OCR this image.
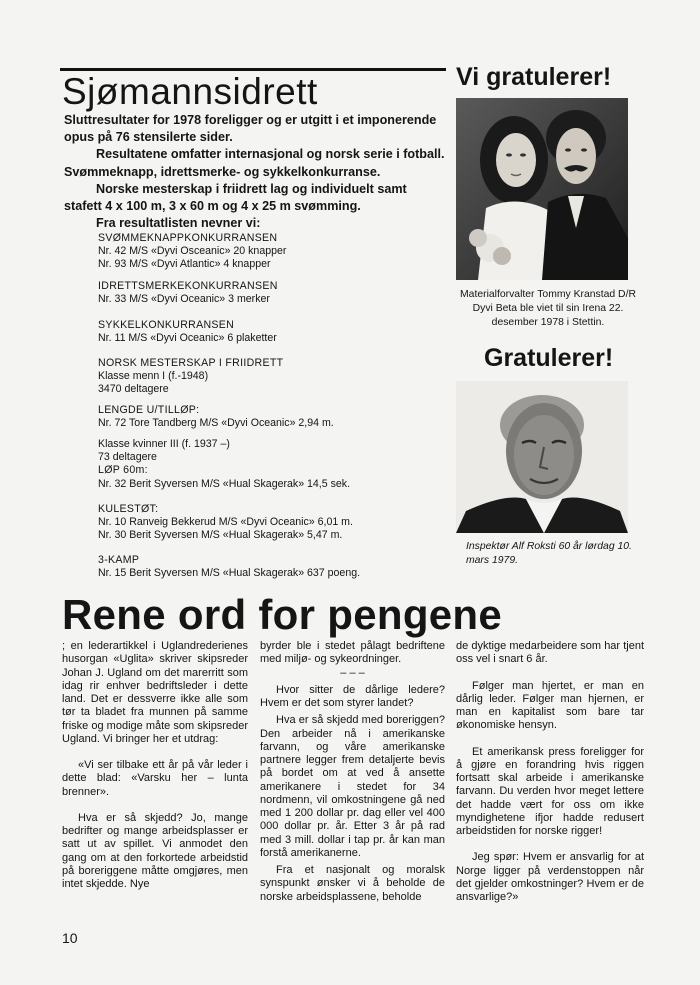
Sjømannsidrett

Sluttresultater for 1978 foreligger og er utgitt i et imponerende opus på 76 stensilerte sider.

Resultatene omfatter internasjonal og norsk serie i fotball. Svømmeknapp, idrettsmerke- og sykkelkonkurranse.

Norske mesterskap i friidrett lag og individuelt samt stafett 4 x 100 m, 3 x 60 m og 4 x 25 m svømming.

Fra resultatlisten nevner vi:

SVØMMEKNAPPKONKURRANSEN
Nr. 42 M/S «Dyvi Osceanic» 20 knapper
Nr. 93 M/S «Dyvi Atlantic» 4 knapper
IDRETTSMERKEKONKURRANSEN
Nr. 33 M/S «Dyvi Oceanic» 3 merker
SYKKELKONKURRANSEN
Nr. 11 M/S «Dyvi Oceanic» 6 plaketter
NORSK MESTERSKAP I FRIIDRETT
Klasse menn I (f.-1948)
3470 deltagere
LENGDE U/TILLØP:
Nr. 72 Tore Tandberg M/S «Dyvi Oceanic» 2,94 m.
Klasse kvinner III (f. 1937 –)
73 deltagere
LØP 60m:
Nr. 32 Berit Syversen M/S «Hual Skagerak» 14,5 sek.
KULESTØT:
Nr. 10 Ranveig Bekkerud M/S «Dyvi Oceanic» 6,01 m.
Nr. 30 Berit Syversen M/S «Hual Skagerak» 5,47 m.
3-KAMP
Nr. 15 Berit Syversen M/S «Hual Skagerak» 637 poeng.
Vi gratulerer!

Materialforvalter Tommy Kranstad D/R Dyvi Beta ble viet til sin Irena 22. desember 1978 i Stettin.

Gratulerer!

Inspektør Alf Roksti 60 år lørdag 10. mars 1979.

Rene ord for pengene

; en lederartikkel i Uglandrederienes husorgan «Uglita» skriver skipsreder Johan J. Ugland om det marerritt som idag rir enhver bedriftsleder i dette land. Det er dessverre ikke alle som tør ta bladet fra munnen på samme friske og modige måte som skipsreder Ugland. Vi bringer her et utdrag:

«Vi ser tilbake ett år på vår leder i dette blad: «Varsku her – lunta brenner».

Hva er så skjedd? Jo, mange bedrifter og mange arbeidsplasser er satt ut av spillet. Vi anmodet den gang om at den forkortede arbeidstid på boreriggene måtte omgjøres, men intet skjedde. Nye

byrder ble i stedet pålagt bedriftene med miljø- og sykeordninger.

– – –

Hvor sitter de dårlige ledere? Hvem er det som styrer landet?

Hva er så skjedd med boreriggen? Den arbeider nå i amerikanske farvann, og våre amerikanske partnere legger frem detaljerte bevis på bordet om at ved å ansette amerikanere i stedet for 34 nordmenn, vil omkostningene gå ned med 1 200 dollar pr. dag eller vel 400 000 dollar pr. år. Etter 3 år på rad med 3 mill. dollar i tap pr. år kan man forstå amerikanerne.

Fra et nasjonalt og moralsk synspunkt ønsker vi å beholde de norske arbeidsplassene, beholde

de dyktige medarbeidere som har tjent oss vel i snart 6 år.

Følger man hjertet, er man en dårlig leder. Følger man hjernen, er man en kapitalist som bare tar økonomiske hensyn.

Et amerikansk press foreligger for å gjøre en forandring hvis riggen fortsatt skal arbeide i amerikanske farvann. Du verden hvor meget lettere det hadde vært for oss om ikke myndighetene ifjor hadde redusert arbeidstiden for norske rigger!

Jeg spør: Hvem er ansvarlig for at Norge ligger på verdenstoppen når det gjelder omkostninger? Hvem er de ansvarlige?»

10
